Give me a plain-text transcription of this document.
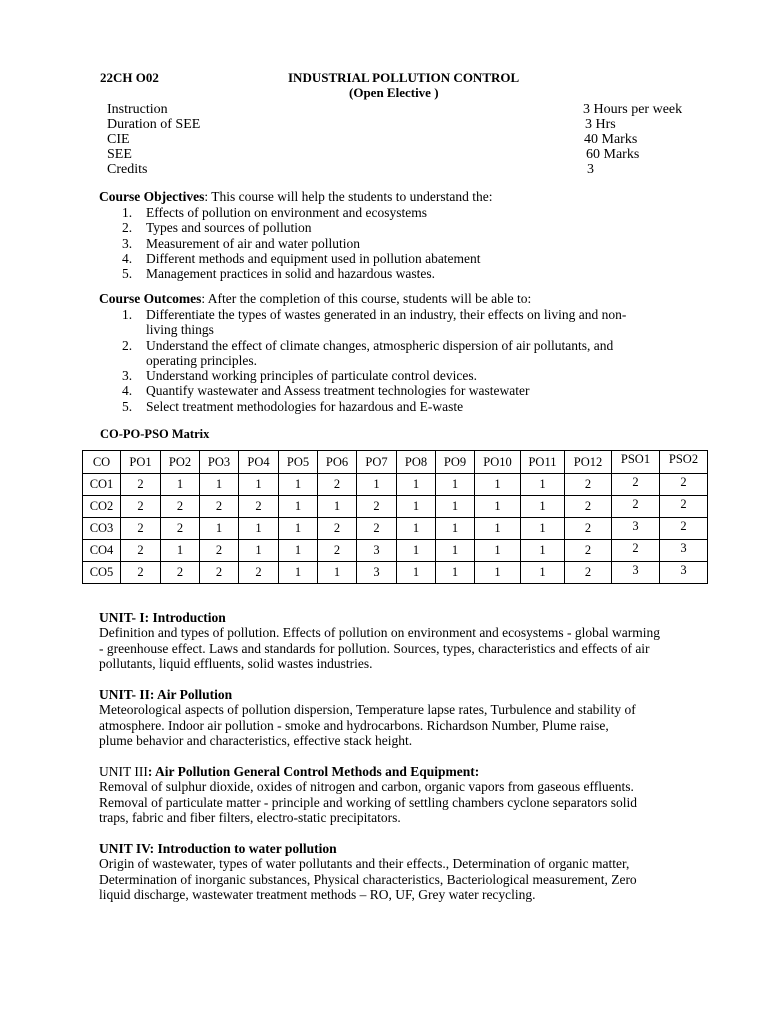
22CH O02	INDUSTRIAL POLLUTION CONTROL
(Open Elective )
Instruction	3 Hours per week
Duration of SEE	3 Hrs
CIE	40 Marks
SEE	60 Marks
Credits	3
Course Objectives: This course will help the students to understand the:
1. Effects of pollution on environment and ecosystems
2. Types and sources of pollution
3. Measurement of air and water pollution
4. Different methods and equipment used in pollution abatement
5. Management practices in solid and hazardous wastes.
Course Outcomes: After the completion of this course, students will be able to:
1. Differentiate the types of wastes generated in an industry, their effects on living and non-
living things
2. Understand the effect of climate changes, atmospheric dispersion of air pollutants, and
operating principles.
3. Understand working principles of particulate control devices.
4. Quantify wastewater and Assess treatment technologies for wastewater
5. Select treatment methodologies for hazardous and E-waste
CO-PO-PSO Matrix
CO	PO1	PO2	PO3	PO4	PO5	PO6	PO7	PO8	PO9	PO10	PO11	PO12	PSO1	PSO2

CO1	2	1	1	1	1	2	1	1	1	1	1	2	2	2

CO2	2	2	2	2	1	1	2	1	1	1	1	2	2	2

CO3	2	2	1	1	1	2	2	1	1	1	1	2	3	2

CO4	2	1	2	1	1	2	3	1	1	1	1	2	2	3

CO5	2	2	2	2	1	1	3	1	1	1	1	2	3	3
UNIT- I: Introduction
Definition and types of pollution. Effects of pollution on environment and ecosystems - global warming
- greenhouse effect. Laws and standards for pollution. Sources, types, characteristics and effects of air
pollutants, liquid effluents, solid wastes industries.
UNIT- II: Air Pollution
Meteorological aspects of pollution dispersion, Temperature lapse rates, Turbulence and stability of
atmosphere. Indoor air pollution - smoke and hydrocarbons. Richardson Number, Plume raise,
plume behavior and characteristics, effective stack height.
UNIT III: Air Pollution General Control Methods and Equipment:
Removal of sulphur dioxide, oxides of nitrogen and carbon, organic vapors from gaseous effluents.
Removal of particulate matter - principle and working of settling chambers cyclone separators solid
traps, fabric and fiber filters, electro-static precipitators.
UNIT IV: Introduction to water pollution
Origin of wastewater, types of water pollutants and their effects., Determination of organic matter,
Determination of inorganic substances, Physical characteristics, Bacteriological measurement, Zero
liquid discharge, wastewater treatment methods – RO, UF, Grey water recycling.
